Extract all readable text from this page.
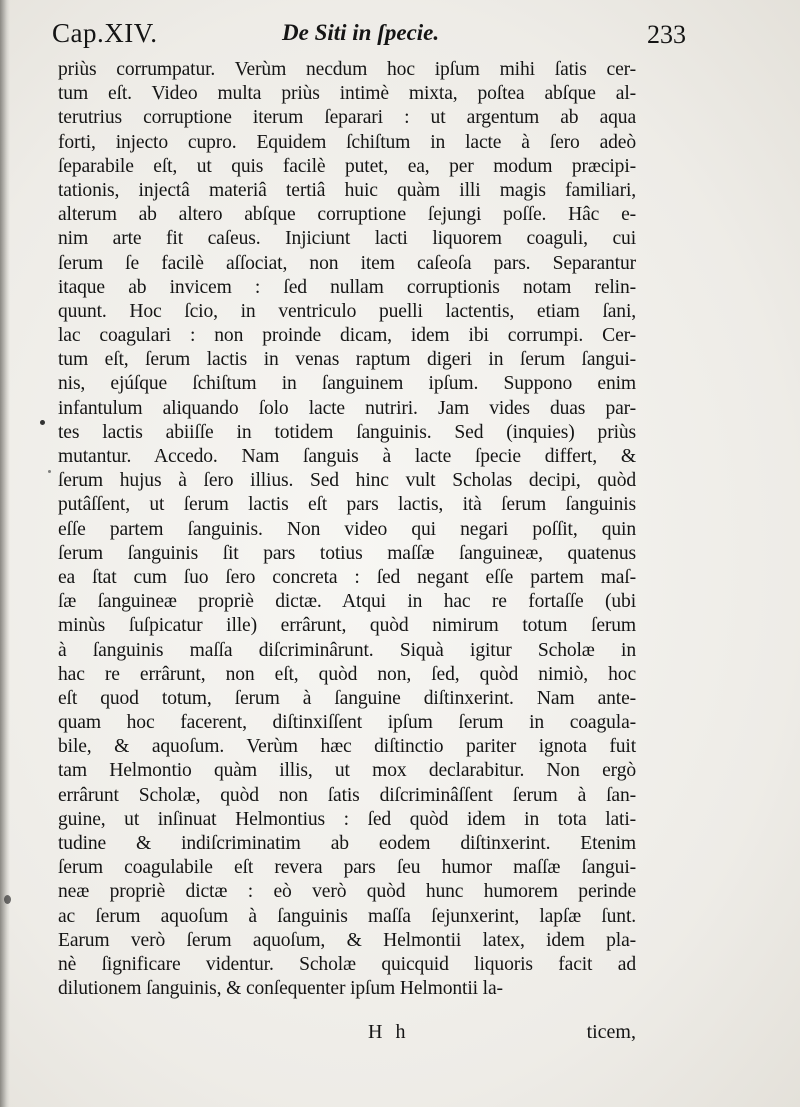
Cap.XIV.	De Siti in ſpecie.	233
priùs corrumpatur. Verùm necdum hoc ipſum mihi ſatis cer-
tum eſt. Video multa priùs intimè mixta, poſtea abſque al-
terutrius corruptione iterum ſeparari : ut argentum ab aqua
forti, injecto cupro. Equidem ſchiſtum in lacte à ſero adeò
ſeparabile eſt, ut quis facilè putet, ea, per modum præcipi-
tationis, injectâ materiâ tertiâ huic quàm illi magis familiari,
alterum ab altero abſque corruptione ſejungi poſſe. Hâc e-
nim arte fit caſeus. Injiciunt lacti liquorem coaguli, cui
ſerum ſe facilè aſſociat, non item caſeoſa pars. Separantur
itaque ab invicem : ſed nullam corruptionis notam relin-
quunt. Hoc ſcio, in ventriculo puelli lactentis, etiam ſani,
lac coagulari : non proinde dicam, idem ibi corrumpi. Cer-
tum eſt, ſerum lactis in venas raptum digeri in ſerum ſangui-
nis, ejúſque ſchiſtum in ſanguinem ipſum. Suppono enim
infantulum aliquando ſolo lacte nutriri. Jam vides duas par-
tes lactis abiiſſe in totidem ſanguinis. Sed (inquies) priùs
mutantur. Accedo. Nam ſanguis à lacte ſpecie differt, &
ſerum hujus à ſero illius. Sed hinc vult Scholas decipi, quòd
putâſſent, ut ſerum lactis eſt pars lactis, ità ſerum ſanguinis
eſſe partem ſanguinis. Non video qui negari poſſit, quin
ſerum ſanguinis ſit pars totius maſſæ ſanguineæ, quatenus
ea ſtat cum ſuo ſero concreta : ſed negant eſſe partem maſ-
ſæ ſanguineæ propriè dictæ. Atqui in hac re fortaſſe (ubi
minùs ſuſpicatur ille) errârunt, quòd nimirum totum ſerum
à ſanguinis maſſa diſcriminârunt. Siquà igitur Scholæ in
hac re errârunt, non eſt, quòd non, ſed, quòd nimiò, hoc
eſt quod totum, ſerum à ſanguine diſtinxerint. Nam ante-
quam hoc facerent, diſtinxiſſent ipſum ſerum in coagula-
bile, & aquoſum. Verùm hæc diſtinctio pariter ignota fuit
tam Helmontio quàm illis, ut mox declarabitur. Non ergò
errârunt Scholæ, quòd non ſatis diſcriminâſſent ſerum à ſan-
guine, ut inſinuat Helmontius : ſed quòd idem in tota lati-
tudine & indiſcriminatim ab eodem diſtinxerint. Etenim
ſerum coagulabile eſt revera pars ſeu humor maſſæ ſangui-
neæ propriè dictæ : eò verò quòd hunc humorem perinde
ac ſerum aquoſum à ſanguinis maſſa ſejunxerint, lapſæ ſunt.
Earum verò ſerum aquoſum, & Helmontii latex, idem pla-
nè ſignificare videntur. Scholæ quicquid liquoris facit ad
dilutionem ſanguinis, & conſequenter ipſum Helmontii la-
H h	ticem,
